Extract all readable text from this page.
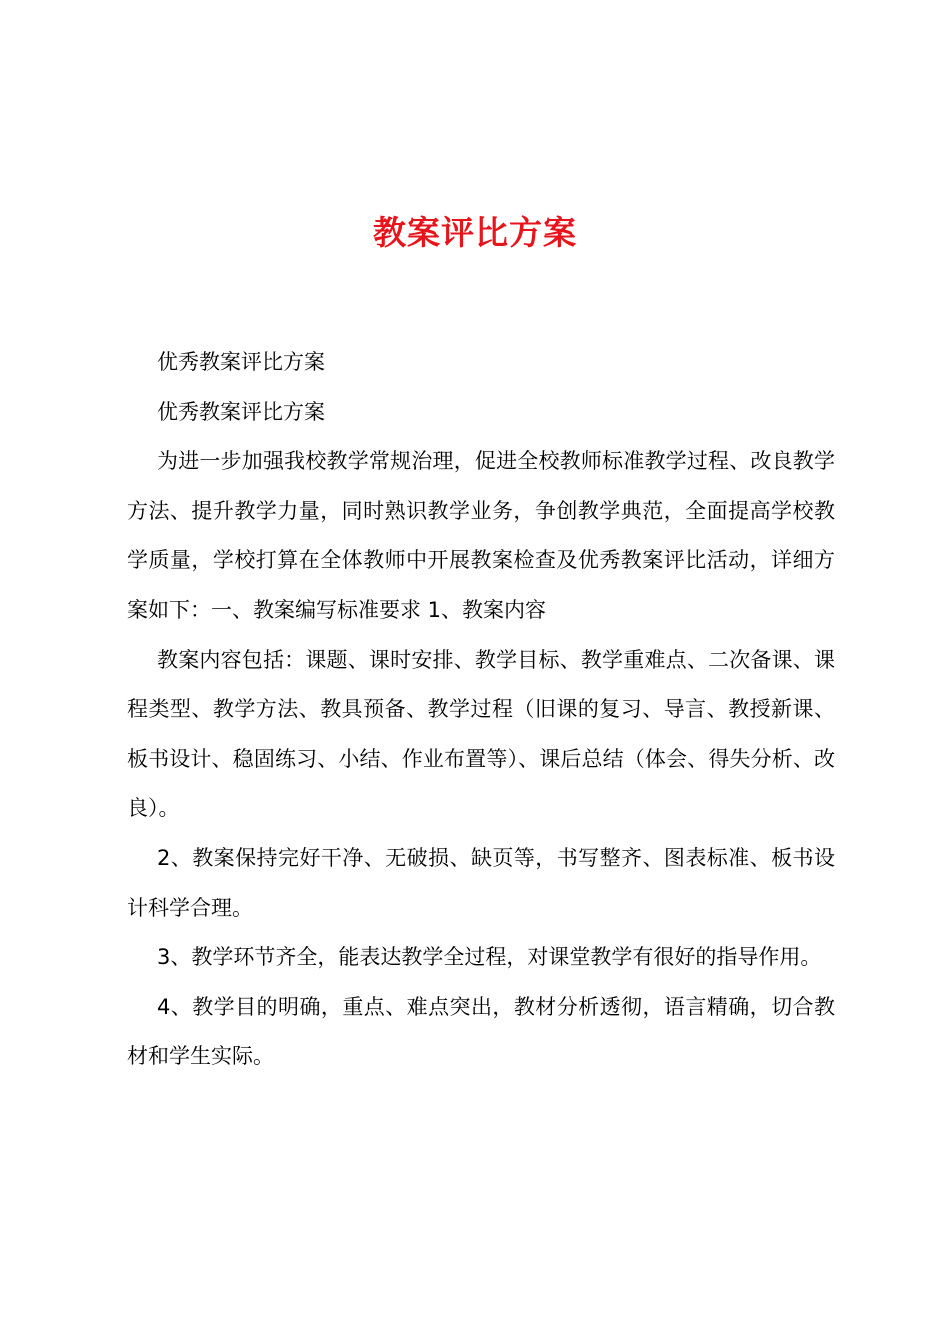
教案评比方案

优秀教案评比方案

优秀教案评比方案

为进一步加强我校教学常规治理，促进全校教师标准教学过程、改良教学方法、提升教学力量，同时熟识教学业务，争创教学典范，全面提高学校教学质量，学校打算在全体教师中开展教案检查及优秀教案评比活动，详细方案如下：一、教案编写标准要求 1、教案内容

教案内容包括：课题、课时安排、教学目标、教学重难点、二次备课、课程类型、教学方法、教具预备、教学过程（旧课的复习、导言、教授新课、板书设计、稳固练习、小结、作业布置等）、课后总结（体会、得失分析、改良）。

2、教案保持完好干净、无破损、缺页等，书写整齐、图表标准、板书设计科学合理。

3、教学环节齐全，能表达教学全过程，对课堂教学有很好的指导作用。

4、教学目的明确，重点、难点突出，教材分析透彻，语言精确，切合教材和学生实际。
